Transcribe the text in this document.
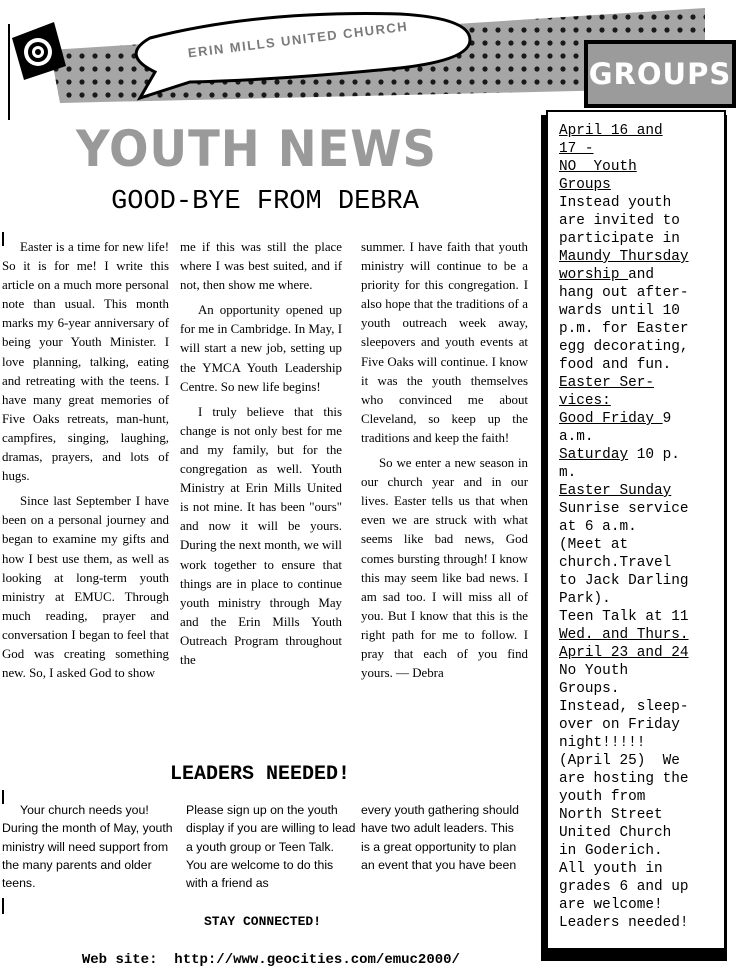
ERIN MILLS UNITED CHURCH
YOUTH NEWS
GOOD-BYE FROM DEBRA

Easter is a time for new life! So it is for me! I write this article on a much more personal note than usual. This month marks my 6-year anniversary of being your Youth Minister. I love planning, talking, eating and retreating with the teens. I have many great memories of Five Oaks retreats, man-hunt, campfires, singing, laughing, dramas, prayers, and lots of hugs.

Since last September I have been on a personal journey and began to examine my gifts and how I best use them, as well as looking at long-term youth ministry at EMUC. Through much reading, prayer and conversation I began to feel that God was creating something new. So, I asked God to show

me if this was still the place where I was best suited, and if not, then show me where.

An opportunity opened up for me in Cambridge. In May, I will start a new job, setting up the YMCA Youth Leadership Centre. So new life begins!

I truly believe that this change is not only best for me and my family, but for the congregation as well. Youth Ministry at Erin Mills United is not mine. It has been "ours" and now it will be yours. During the next month, we will work together to ensure that things are in place to continue youth ministry through May and the Erin Mills Youth Outreach Program throughout the

summer. I have faith that youth ministry will continue to be a priority for this congregation. I also hope that the traditions of a youth outreach week away, sleepovers and youth events at Five Oaks will continue. I know it was the youth themselves who convinced me about Cleveland, so keep up the traditions and keep the faith!

So we enter a new season in our church year and in our lives. Easter tells us that when even we are struck with what seems like bad news, God comes bursting through! I know this may seem like bad news. I am sad too. I will miss all of you. But I know that this is the right path for me to follow. I pray that each of you find yours. — Debra

LEADERS NEEDED!

Your church needs you! During the month of May, youth ministry will need support from the many parents and older teens.

Please sign up on the youth display if you are willing to lead a youth group or Teen Talk. You are welcome to do this with a friend as

every youth gathering should have two adult leaders. This is a great opportunity to plan an event that you have been

STAY CONNECTED!

Web site: http://www.geocities.com/emuc2000/

GROUPS
April 16 and
17 -
NO  Youth
Groups
Instead youth
are invited to
participate in
Maundy Thursday
worship and
hang out after-
wards until 10
p.m. for Easter
egg decorating,
food and fun.
Easter Ser-
vices:
Good Friday 9
a.m.
Saturday 10 p.
m.
Easter Sunday
Sunrise service
at 6 a.m.
(Meet at
church.Travel
to Jack Darling
Park).
Teen Talk at 11
Wed. and Thurs.
April 23 and 24
No Youth
Groups.
Instead, sleep-
over on Friday
night!!!!!
(April 25)  We
are hosting the
youth from
North Street
United Church
in Goderich.
All youth in
grades 6 and up
are welcome!
Leaders needed!
